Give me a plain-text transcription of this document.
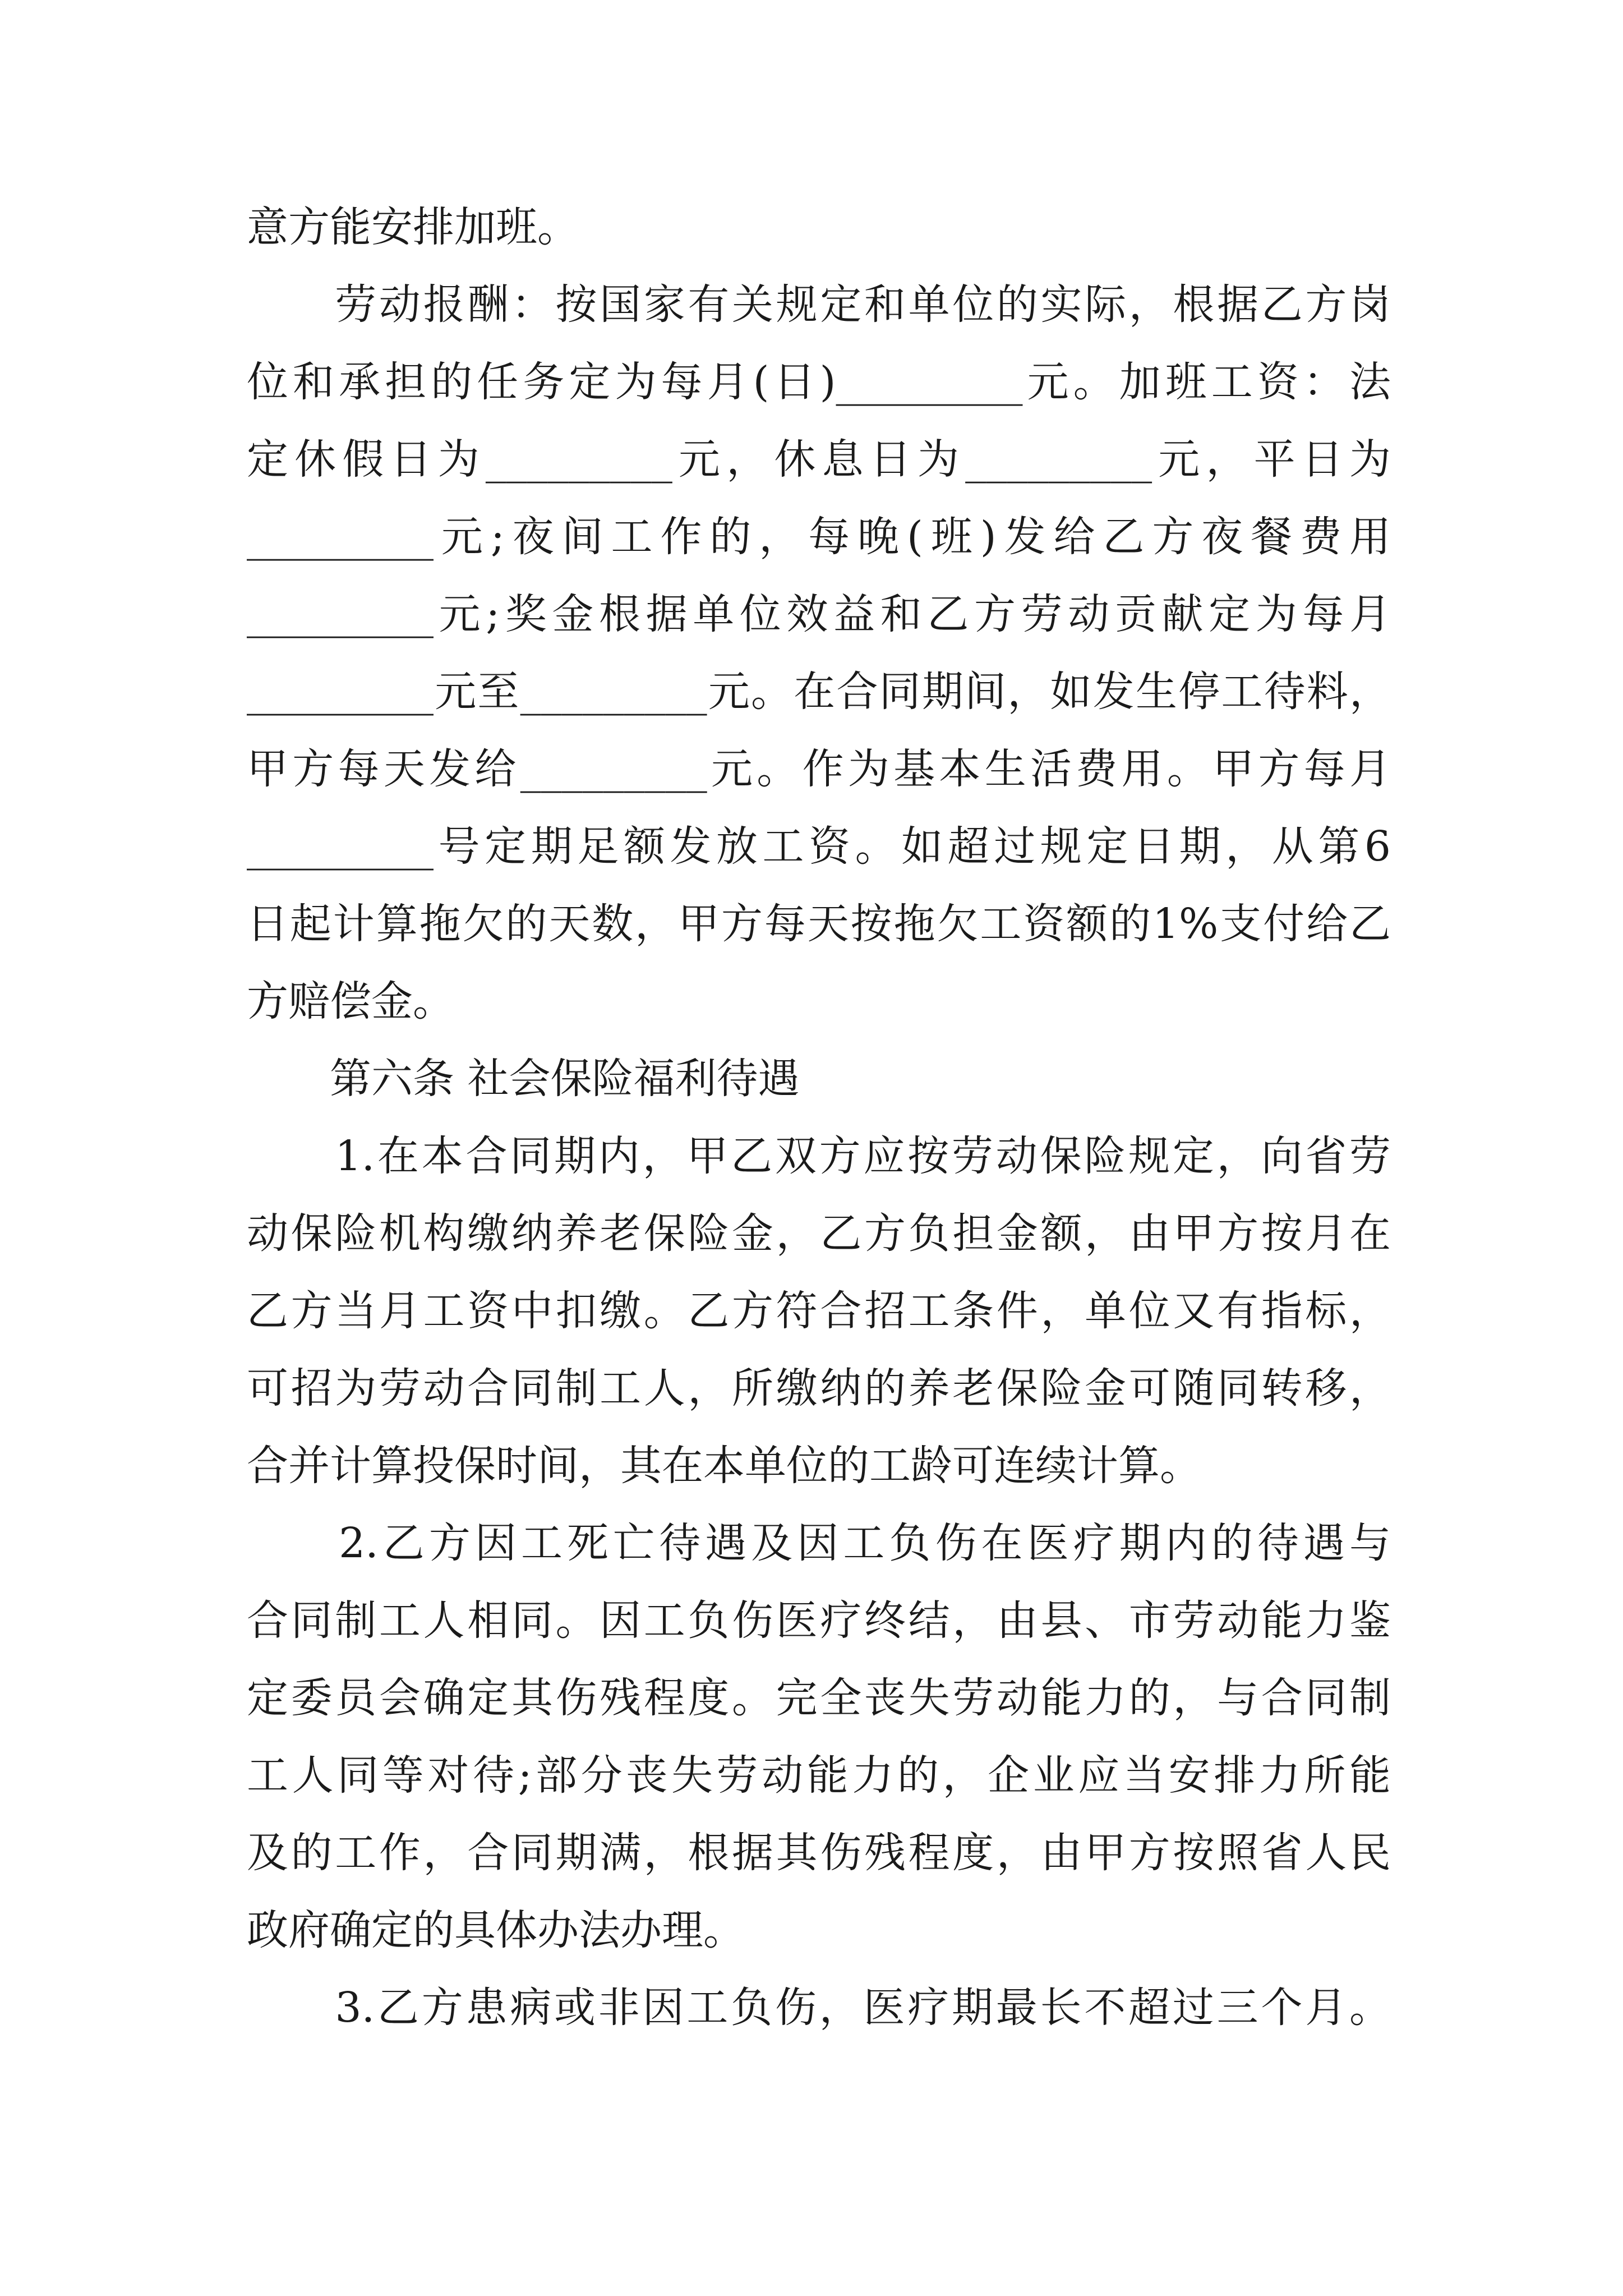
意方能安排加班。
　　劳动报酬：按国家有关规定和单位的实际，根据乙方岗
位和承担的任务定为每月(日)_________元。加班工资：法
定休假日为_________元，休息日为_________元，平日为
_________元;夜间工作的，每晚(班)发给乙方夜餐费用
_________元;奖金根据单位效益和乙方劳动贡献定为每月
_________元至_________元。在合同期间，如发生停工待料，
甲方每天发给_________元。作为基本生活费用。甲方每月
_________号定期足额发放工资。如超过规定日期，从第6
日起计算拖欠的天数，甲方每天按拖欠工资额的1%支付给乙
方赔偿金。
　　第六条 社会保险福利待遇
　　1.在本合同期内，甲乙双方应按劳动保险规定，向省劳
动保险机构缴纳养老保险金，乙方负担金额，由甲方按月在
乙方当月工资中扣缴。乙方符合招工条件，单位又有指标，
可招为劳动合同制工人，所缴纳的养老保险金可随同转移，
合并计算投保时间，其在本单位的工龄可连续计算。
　　2.乙方因工死亡待遇及因工负伤在医疗期内的待遇与
合同制工人相同。因工负伤医疗终结，由县、市劳动能力鉴
定委员会确定其伤残程度。完全丧失劳动能力的，与合同制
工人同等对待;部分丧失劳动能力的，企业应当安排力所能
及的工作，合同期满，根据其伤残程度，由甲方按照省人民
政府确定的具体办法办理。
　　3.乙方患病或非因工负伤，医疗期最长不超过三个月。
